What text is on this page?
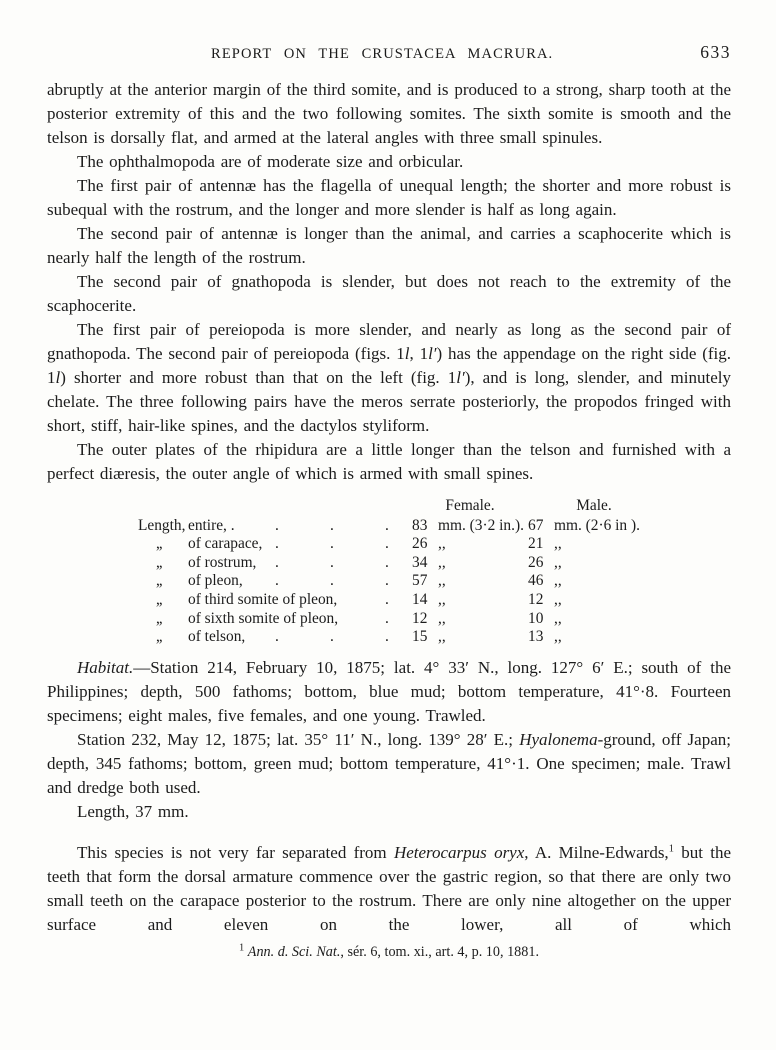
REPORT ON THE CRUSTACEA MACRURA.	633

abruptly at the anterior margin of the third somite, and is produced to a strong, sharp tooth at the posterior extremity of this and the two following somites. The sixth somite is smooth and the telson is dorsally flat, and armed at the lateral angles with three small spinules.

The ophthalmopoda are of moderate size and orbicular.

The first pair of antennæ has the flagella of unequal length; the shorter and more robust is subequal with the rostrum, and the longer and more slender is half as long again.

The second pair of antennæ is longer than the animal, and carries a scaphocerite which is nearly half the length of the rostrum.

The second pair of gnathopoda is slender, but does not reach to the extremity of the scaphocerite.

The first pair of pereiopoda is more slender, and nearly as long as the second pair of gnathopoda. The second pair of pereiopoda (figs. 1l, 1l′) has the appendage on the right side (fig. 1l) shorter and more robust than that on the left (fig. 1l′), and is long, slender, and minutely chelate. The three following pairs have the meros serrate posteriorly, the propodos fringed with short, stiff, hair-like spines, and the dactylos styliform.

The outer plates of the rhipidura are a little longer than the telson and furnished with a perfect diæresis, the outer angle of which is armed with small spines.

Female.	Male.
Length, entire, .	.	.	. 83 mm. (3·2 in.). 67 mm. (2·6 in ).
,,	of carapace, .	.	. 26 ,,	21 ,,
,,	of rostrum, .	.	. 34 ,,	26 ,,
,,	of pleon, .	.	. 57 ,,	46 ,,
,,	of third somite of pleon,	. 14 ,,	12 ,,
,,	of sixth somite of pleon,	. 12 ,,	10 ,,
,,	of telson, .	.	. 15 ,,	13 ,,

Habitat.—Station 214, February 10, 1875; lat. 4° 33′ N., long. 127° 6′ E.; south of the Philippines; depth, 500 fathoms; bottom, blue mud; bottom temperature, 41°·8. Fourteen specimens; eight males, five females, and one young. Trawled.

Station 232, May 12, 1875; lat. 35° 11′ N., long. 139° 28′ E.; Hyalonema-ground, off Japan; depth, 345 fathoms; bottom, green mud; bottom temperature, 41°·1. One specimen; male. Trawl and dredge both used.

Length, 37 mm.

This species is not very far separated from Heterocarpus oryx, A. Milne-Edwards,$^1$ but the teeth that form the dorsal armature commence over the gastric region, so that there are only two small teeth on the carapace posterior to the rostrum. There are only nine altogether on the upper surface and eleven on the lower, all of which

$^1$ Ann. d. Sci. Nat., sér. 6, tom. xi., art. 4, p. 10, 1881.
